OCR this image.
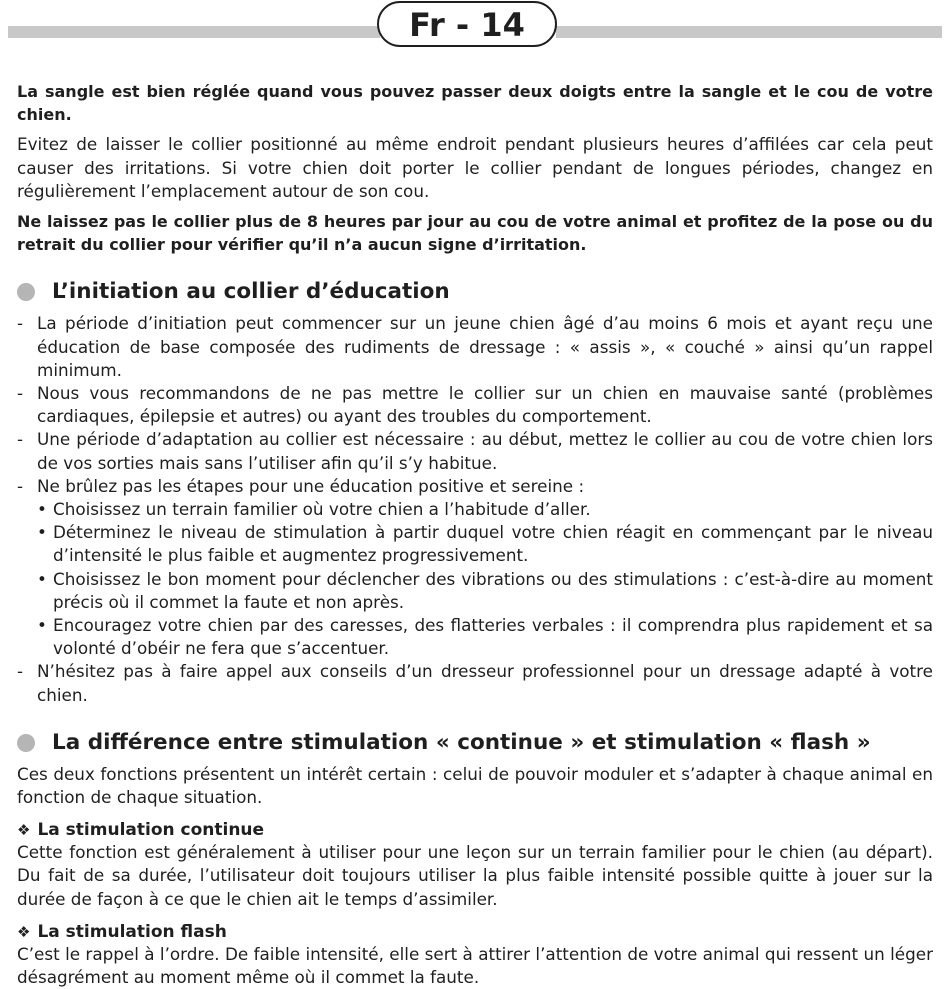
Fr - 14

La sangle est bien réglée quand vous pouvez passer deux doigts entre la sangle et le cou de votre chien.

Evitez de laisser le collier positionné au même endroit pendant plusieurs heures d’affilées car cela peut causer des irritations. Si votre chien doit porter le collier pendant de longues périodes, changez en régulièrement l’emplacement autour de son cou.

Ne laissez pas le collier plus de 8 heures par jour au cou de votre animal et profitez de la pose ou du retrait du collier pour vérifier qu’il n’a aucun signe d’irritation.

L’initiation au collier d’éducation
- La période d’initiation peut commencer sur un jeune chien âgé d’au moins 6 mois et ayant reçu une éducation de base composée des rudiments de dressage : « assis », « couché » ainsi qu’un rappel minimum.
- Nous vous recommandons de ne pas mettre le collier sur un chien en mauvaise santé (problèmes cardiaques, épilepsie et autres) ou ayant des troubles du comportement.
- Une période d’adaptation au collier est nécessaire : au début, mettez le collier au cou de votre chien lors de vos sorties mais sans l’utiliser afin qu’il s’y habitue.
- Ne brûlez pas les étapes pour une éducation positive et sereine :
• Choisissez un terrain familier où votre chien a l’habitude d’aller.
• Déterminez le niveau de stimulation à partir duquel votre chien réagit en commençant par le niveau d’intensité le plus faible et augmentez progressivement.
• Choisissez le bon moment pour déclencher des vibrations ou des stimulations : c’est-à-dire au moment précis où il commet la faute et non après.
• Encouragez votre chien par des caresses, des flatteries verbales : il comprendra plus rapidement et sa volonté d’obéir ne fera que s’accentuer.
- N’hésitez pas à faire appel aux conseils d’un dresseur professionnel pour un dressage adapté à votre chien.
La différence entre stimulation « continue » et stimulation « flash »

Ces deux fonctions présentent un intérêt certain : celui de pouvoir moduler et s’adapter à chaque animal en fonction de chaque situation.

❖ La stimulation continue

Cette fonction est généralement à utiliser pour une leçon sur un terrain familier pour le chien (au départ). Du fait de sa durée, l’utilisateur doit toujours utiliser la plus faible intensité possible quitte à jouer sur la durée de façon à ce que le chien ait le temps d’assimiler.

❖ La stimulation flash

C’est le rappel à l’ordre. De faible intensité, elle sert à attirer l’attention de votre animal qui ressent un léger désagrément au moment même où il commet la faute.
